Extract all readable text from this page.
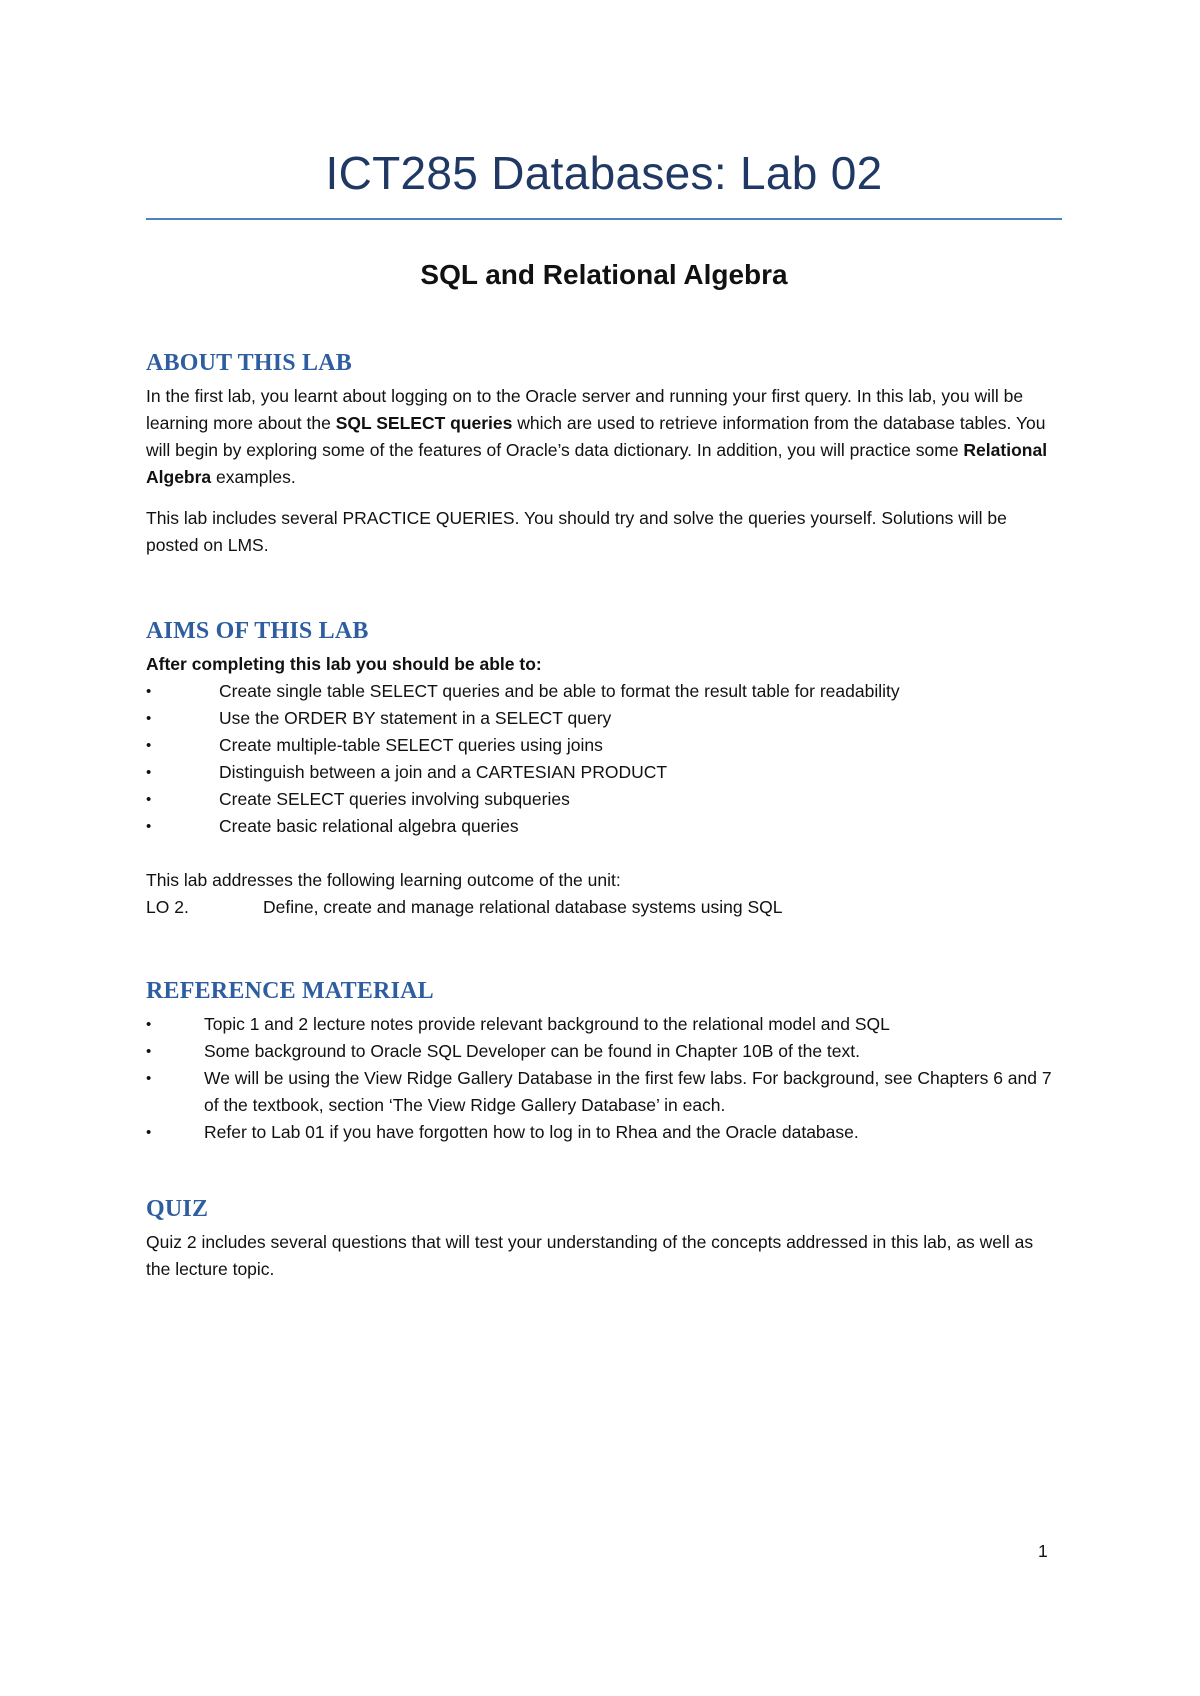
ICT285 Databases: Lab 02
SQL and Relational Algebra
ABOUT THIS LAB

In the first lab, you learnt about logging on to the Oracle server and running your first query. In this lab, you will be learning more about the SQL SELECT queries which are used to retrieve information from the database tables. You will begin by exploring some of the features of Oracle’s data dictionary. In addition, you will practice some Relational Algebra examples.

This lab includes several PRACTICE QUERIES. You should try and solve the queries yourself. Solutions will be posted on LMS.

AIMS OF THIS LAB

After completing this lab you should be able to:

•	Create single table SELECT queries and be able to format the result table for readability
•	Use the ORDER BY statement in a SELECT query
•	Create multiple-table SELECT queries using joins
•	Distinguish between a join and a CARTESIAN PRODUCT
•	Create SELECT queries involving subqueries
•	Create basic relational algebra queries
This lab addresses the following learning outcome of the unit:
LO 2.	Define, create and manage relational database systems using SQL
REFERENCE MATERIAL
•	Topic 1 and 2 lecture notes provide relevant background to the relational model and SQL
•	Some background to Oracle SQL Developer can be found in Chapter 10B of the text.
•	We will be using the View Ridge Gallery Database in the first few labs. For background, see Chapters 6 and 7 of the textbook, section ‘The View Ridge Gallery Database’ in each.
•	Refer to Lab 01 if you have forgotten how to log in to Rhea and the Oracle database.
QUIZ

Quiz 2 includes several questions that will test your understanding of the concepts addressed in this lab, as well as the lecture topic.

1
